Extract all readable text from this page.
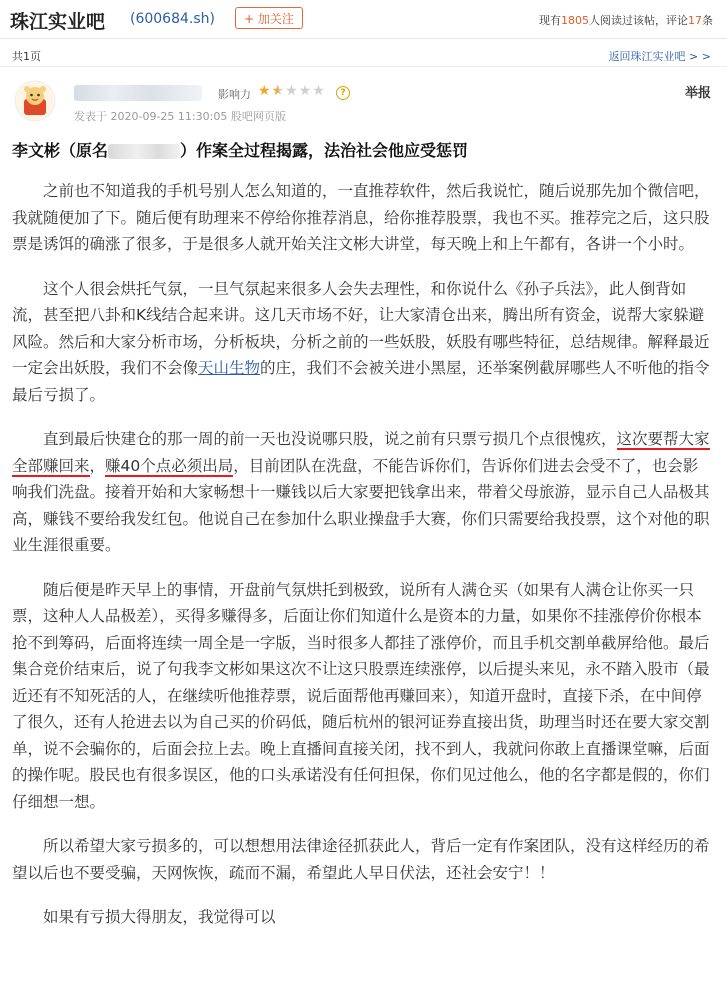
珠江实业吧 (600684.sh)	+ 加关注	现有1805人阅读过该帖，评论17条
共1页	返回珠江实业吧 > >
影响力 ★★★★★	?
发表于 2020-09-25 11:30:05 股吧网页版
举报
李文彬（原名	）作案全过程揭露，法治社会他应受惩罚

之前也不知道我的手机号别人怎么知道的，一直推荐软件，然后我说忙，随后说那先加个微信吧，我就随便加了下。随后便有助理来不停给你推荐消息，给你推荐股票，我也不买。推荐完之后，这只股票是诱饵的确涨了很多，于是很多人就开始关注文彬大讲堂，每天晚上和上午都有，各讲一个小时。

这个人很会烘托气氛，一旦气氛起来很多人会失去理性，和你说什么《孙子兵法》，此人倒背如流，甚至把八卦和K线结合起来讲。这几天市场不好，让大家清仓出来，腾出所有资金，说帮大家躲避风险。然后和大家分析市场，分析板块，分析之前的一些妖股，妖股有哪些特征，总结规律。解释最近一定会出妖股，我们不会像天山生物的庄，我们不会被关进小黑屋，还举案例截屏哪些人不听他的指令最后亏损了。

直到最后快建仓的那一周的前一天也没说哪只股，说之前有只票亏损几个点很愧疚，这次要帮大家全部赚回来，赚40个点必须出局，目前团队在洗盘，不能告诉你们，告诉你们进去会受不了，也会影响我们洗盘。接着开始和大家畅想十一赚钱以后大家要把钱拿出来，带着父母旅游，显示自己人品极其高，赚钱不要给我发红包。他说自己在参加什么职业操盘手大赛，你们只需要给我投票，这个对他的职业生涯很重要。

随后便是昨天早上的事情，开盘前气氛烘托到极致，说所有人满仓买（如果有人满仓让你买一只票，这种人人品极差），买得多赚得多，后面让你们知道什么是资本的力量，如果你不挂涨停价你根本抢不到筹码，后面将连续一周全是一字版，当时很多人都挂了涨停价，而且手机交割单截屏给他。最后集合竞价结束后，说了句我李文彬如果这次不让这只股票连续涨停，以后提头来见，永不踏入股市（最近还有不知死活的人，在继续听他推荐票，说后面帮他再赚回来），知道开盘时，直接下杀，在中间停了很久，还有人抢进去以为自己买的价码低，随后杭州的银河证券直接出货，助理当时还在要大家交割单，说不会骗你的，后面会拉上去。晚上直播间直接关闭，找不到人，我就问你敢上直播课堂嘛，后面的操作呢。股民也有很多误区，他的口头承诺没有任何担保，你们见过他么，他的名字都是假的，你们仔细想一想。

所以希望大家亏损多的，可以想想用法律途径抓获此人，背后一定有作案团队，没有这样经历的希望以后也不要受骗，天网恢恢，疏而不漏，希望此人早日伏法，还社会安宁！！

如果有亏损大得朋友，我觉得可以
